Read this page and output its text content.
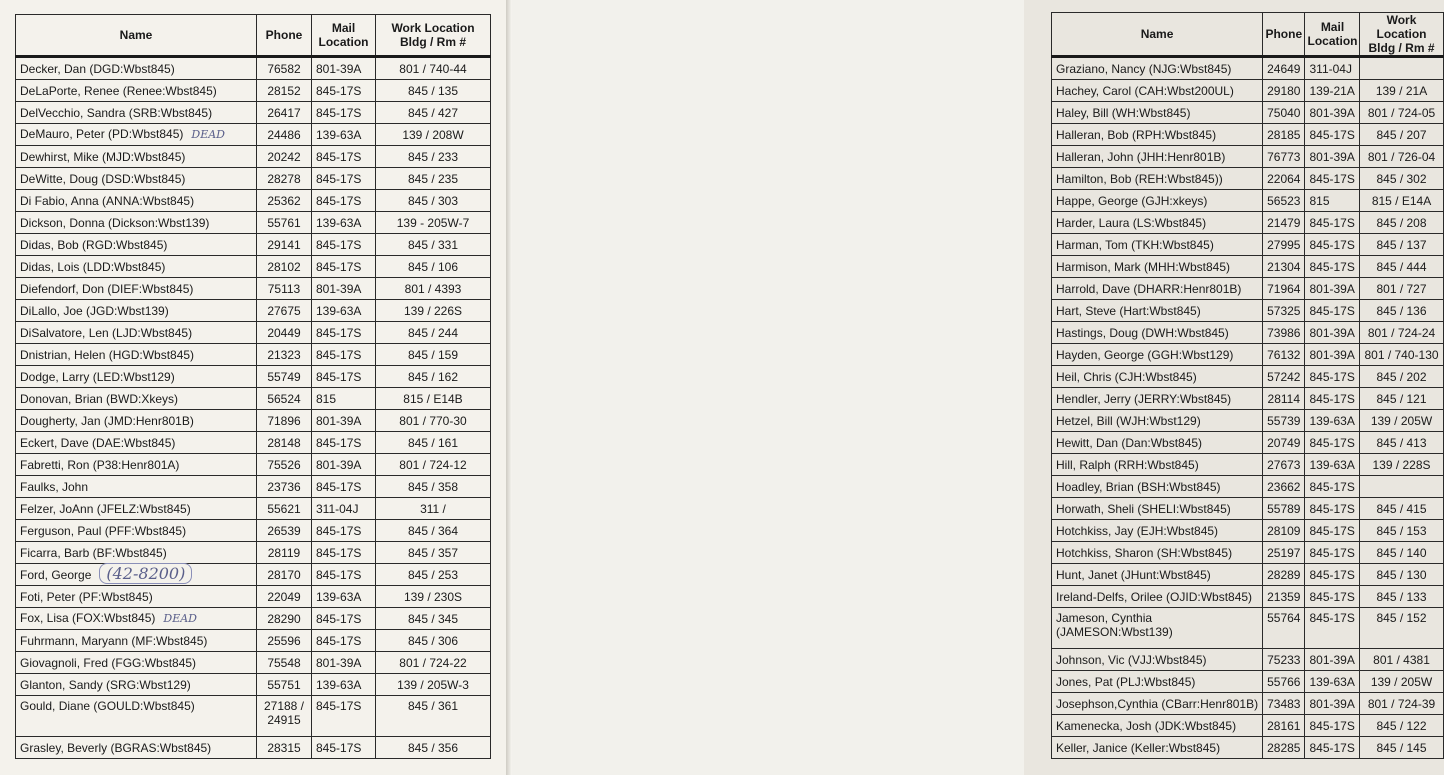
Name	Phone	Mail Location	Work Location Bldg / Rm #
Decker, Dan (DGD:Wbst845)	76582	801-39A	801 / 740-44
DeLaPorte, Renee (Renee:Wbst845)	28152	845-17S	845 / 135
DelVecchio, Sandra (SRB:Wbst845)	26417	845-17S	845 / 427
DeMauro, Peter (PD:Wbst845) DEAD	24486	139-63A	139 / 208W
Dewhirst, Mike (MJD:Wbst845)	20242	845-17S	845 / 233
DeWitte, Doug (DSD:Wbst845)	28278	845-17S	845 / 235
Di Fabio, Anna (ANNA:Wbst845)	25362	845-17S	845 / 303
Dickson, Donna (Dickson:Wbst139)	55761	139-63A	139 - 205W-7
Didas, Bob (RGD:Wbst845)	29141	845-17S	845 / 331
Didas, Lois (LDD:Wbst845)	28102	845-17S	845 / 106
Diefendorf, Don (DIEF:Wbst845)	75113	801-39A	801 / 4393
DiLallo, Joe (JGD:Wbst139)	27675	139-63A	139 / 226S
DiSalvatore, Len (LJD:Wbst845)	20449	845-17S	845 / 244
Dnistrian, Helen (HGD:Wbst845)	21323	845-17S	845 / 159
Dodge, Larry (LED:Wbst129)	55749	845-17S	845 / 162
Donovan, Brian (BWD:Xkeys)	56524	815	815 / E14B
Dougherty, Jan (JMD:Henr801B)	71896	801-39A	801 / 770-30
Eckert, Dave (DAE:Wbst845)	28148	845-17S	845 / 161
Fabretti, Ron (P38:Henr801A)	75526	801-39A	801 / 724-12
Faulks, John	23736	845-17S	845 / 358
Felzer, JoAnn (JFELZ:Wbst845)	55621	311-04J	311 /
Ferguson, Paul (PFF:Wbst845)	26539	845-17S	845 / 364
Ficarra, Barb (BF:Wbst845)	28119	845-17S	845 / 357
Ford, George (42-8200)	28170	845-17S	845 / 253
Foti, Peter (PF:Wbst845)	22049	139-63A	139 / 230S
Fox, Lisa (FOX:Wbst845) DEAD	28290	845-17S	845 / 345
Fuhrmann, Maryann (MF:Wbst845)	25596	845-17S	845 / 306
Giovagnoli, Fred (FGG:Wbst845)	75548	801-39A	801 / 724-22
Glanton, Sandy (SRG:Wbst129)	55751	139-63A	139 / 205W-3
Gould, Diane (GOULD:Wbst845)	27188 / 24915	845-17S	845 / 361
Grasley, Beverly (BGRAS:Wbst845)	28315	845-17S	845 / 356
Name	Phone	Mail Location	Work Location Bldg / Rm #
Graziano, Nancy (NJG:Wbst845)	24649	311-04J	
Hachey, Carol (CAH:Wbst200UL)	29180	139-21A	139 / 21A
Haley, Bill (WH:Wbst845)	75040	801-39A	801 / 724-05
Halleran, Bob (RPH:Wbst845)	28185	845-17S	845 / 207
Halleran, John (JHH:Henr801B)	76773	801-39A	801 / 726-04
Hamilton, Bob (REH:Wbst845))	22064	845-17S	845 / 302
Happe, George (GJH:xkeys)	56523	815	815 / E14A
Harder, Laura (LS:Wbst845)	21479	845-17S	845 / 208
Harman, Tom (TKH:Wbst845)	27995	845-17S	845 / 137
Harmison, Mark (MHH:Wbst845)	21304	845-17S	845 / 444
Harrold, Dave (DHARR:Henr801B)	71964	801-39A	801 / 727
Hart, Steve (Hart:Wbst845)	57325	845-17S	845 / 136
Hastings, Doug (DWH:Wbst845)	73986	801-39A	801 / 724-24
Hayden, George (GGH:Wbst129)	76132	801-39A	801 / 740-130
Heil, Chris (CJH:Wbst845)	57242	845-17S	845 / 202
Hendler, Jerry (JERRY:Wbst845)	28114	845-17S	845 / 121
Hetzel, Bill (WJH:Wbst129)	55739	139-63A	139 / 205W
Hewitt, Dan (Dan:Wbst845)	20749	845-17S	845 / 413
Hill, Ralph (RRH:Wbst845)	27673	139-63A	139 / 228S
Hoadley, Brian (BSH:Wbst845)	23662	845-17S	
Horwath, Sheli (SHELI:Wbst845)	55789	845-17S	845 / 415
Hotchkiss, Jay (EJH:Wbst845)	28109	845-17S	845 / 153
Hotchkiss, Sharon (SH:Wbst845)	25197	845-17S	845 / 140
Hunt, Janet (JHunt:Wbst845)	28289	845-17S	845 / 130
Ireland-Delfs, Orilee (OJID:Wbst845)	21359	845-17S	845 / 133
Jameson, Cynthia (JAMESON:Wbst139)	55764	845-17S	845 / 152
Johnson, Vic (VJJ:Wbst845)	75233	801-39A	801 / 4381
Jones, Pat (PLJ:Wbst845)	55766	139-63A	139 / 205W
Josephson,Cynthia (CBarr:Henr801B)	73483	801-39A	801 / 724-39
Kamenecka, Josh (JDK:Wbst845)	28161	845-17S	845 / 122
Keller, Janice (Keller:Wbst845)	28285	845-17S	845 / 145
